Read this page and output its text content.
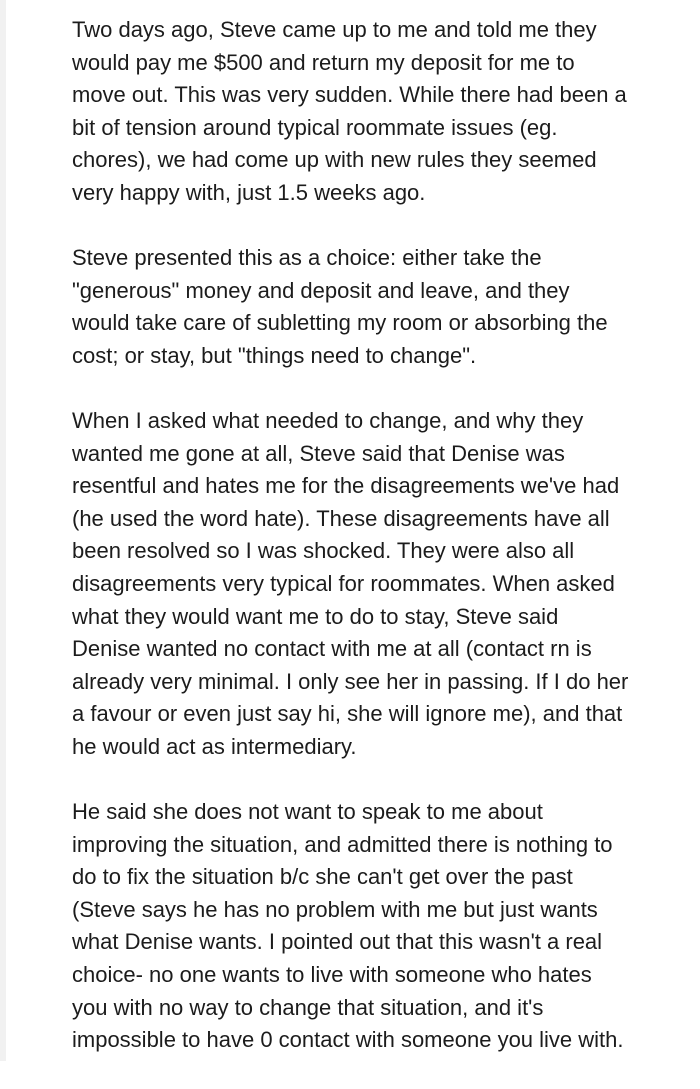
Two days ago, Steve came up to me and told me they
would pay me $500 and return my deposit for me to
move out. This was very sudden. While there had been a
bit of tension around typical roommate issues (eg.
chores), we had come up with new rules they seemed
very happy with, just 1.5 weeks ago.

Steve presented this as a choice: either take the
"generous" money and deposit and leave, and they
would take care of subletting my room or absorbing the
cost; or stay, but "things need to change".

When I asked what needed to change, and why they
wanted me gone at all, Steve said that Denise was
resentful and hates me for the disagreements we've had
(he used the word hate). These disagreements have all
been resolved so I was shocked. They were also all
disagreements very typical for roommates. When asked
what they would want me to do to stay, Steve said
Denise wanted no contact with me at all (contact rn is
already very minimal. I only see her in passing. If I do her
a favour or even just say hi, she will ignore me), and that
he would act as intermediary.

He said she does not want to speak to me about
improving the situation, and admitted there is nothing to
do to fix the situation b/c she can't get over the past
(Steve says he has no problem with me but just wants
what Denise wants. I pointed out that this wasn't a real
choice- no one wants to live with someone who hates
you with no way to change that situation, and it's
impossible to have 0 contact with someone you live with.
